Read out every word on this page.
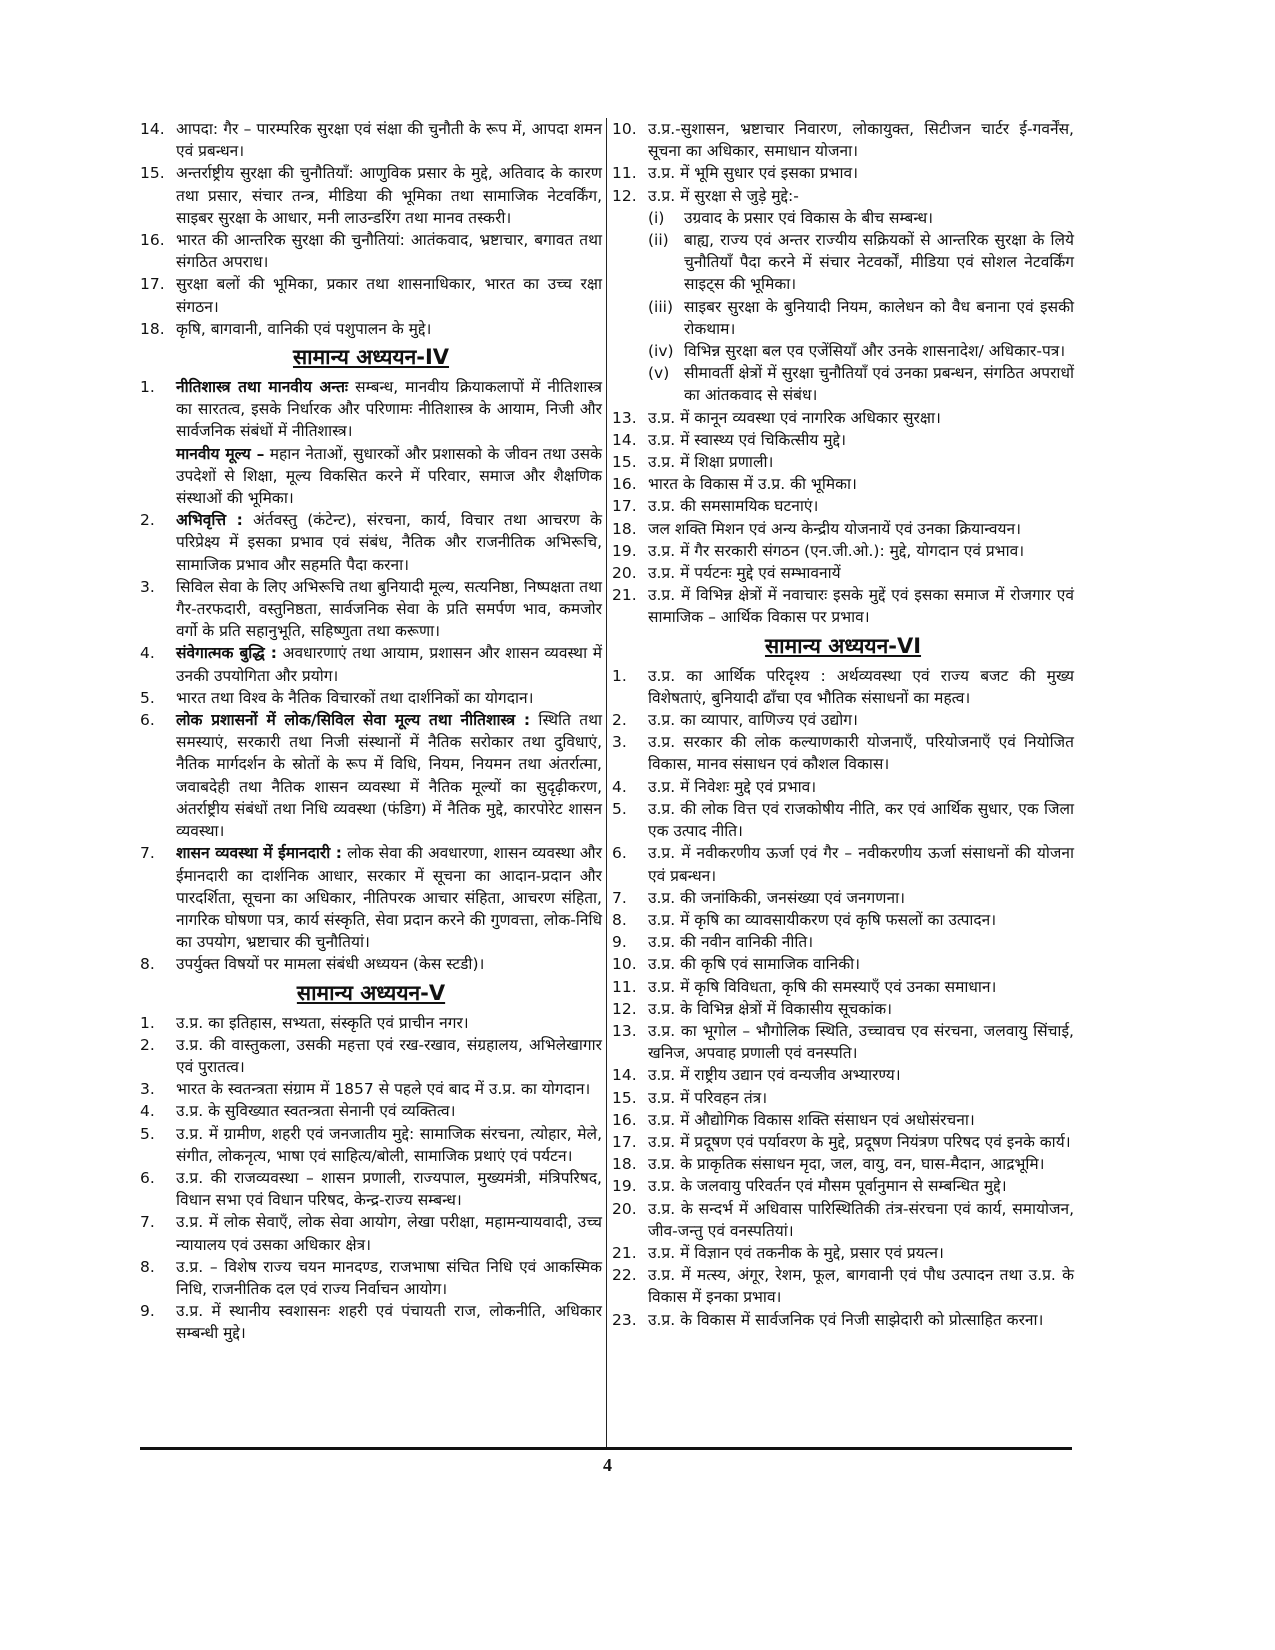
14. आपदा: गैर – पारम्परिक सुरक्षा एवं संक्षा की चुनौती के रूप में, आपदा शमन एवं प्रबन्धन।
15. अन्तर्राष्ट्रीय सुरक्षा की चुनौतियाँ: आणुविक प्रसार के मुद्दे, अतिवाद के कारण तथा प्रसार, संचार तन्त्र, मीडिया की भूमिका तथा सामाजिक नेटवर्किंग, साइबर सुरक्षा के आधार, मनी लाउन्डरिंग तथा मानव तस्करी।
16. भारत की आन्तरिक सुरक्षा की चुनौतियां: आतंकवाद, भ्रष्टाचार, बगावत तथा संगठित अपराध।
17. सुरक्षा बलों की भूमिका, प्रकार तथा शासनाधिकार, भारत का उच्च रक्षा संगठन।
18. कृषि, बागवानी, वानिकी एवं पशुपालन के मुद्दे।
सामान्य अध्ययन-IV
1.	नीतिशास्त्र तथा मानवीय अन्तः सम्बन्ध, मानवीय क्रियाकलापों में नीतिशास्त्र का सारतत्व, इसके निर्धारक और परिणामः नीतिशास्त्र के आयाम, निजी और सार्वजनिक संबंधों में नीतिशास्त्र।
मानवीय मूल्य – महान नेताओं, सुधारकों और प्रशासको के जीवन तथा उसके उपदेशों से शिक्षा, मूल्य विकसित करने में परिवार, समाज और शैक्षणिक संस्थाओं की भूमिका।
2.	अभिवृत्ति : अंर्तवस्तु (कंटेन्ट), संरचना, कार्य, विचार तथा आचरण के परिप्रेक्ष्य में इसका प्रभाव एवं संबंध, नैतिक और राजनीतिक अभिरूचि, सामाजिक प्रभाव और सहमति पैदा करना।
3.	सिविल सेवा के लिए अभिरूचि तथा बुनियादी मूल्य, सत्यनिष्ठा, निष्पक्षता तथा गैर-तरफदारी, वस्तुनिष्ठता, सार्वजनिक सेवा के प्रति समर्पण भाव, कमजोर वर्गो के प्रति सहानुभूति, सहिष्णुता तथा करूणा।
4.	संवेगात्मक बुद्धि : अवधारणाएं तथा आयाम, प्रशासन और शासन व्यवस्था में उनकी उपयोगिता और प्रयोग।
5.	भारत तथा विश्व के नैतिक विचारकों तथा दार्शनिकों का योगदान।
6.	लोक प्रशासनों में लोक/सिविल सेवा मूल्य तथा नीतिशास्त्र : स्थिति तथा समस्याएं, सरकारी तथा निजी संस्थानों में नैतिक सरोकार तथा दुविधाएं, नैतिक मार्गदर्शन के स्रोतों के रूप में विधि, नियम, नियमन तथा अंतर्रात्मा, जवाबदेही तथा नैतिक शासन व्यवस्था में नैतिक मूल्यों का सुदृढ़ीकरण, अंतर्राष्ट्रीय संबंधों तथा निधि व्यवस्था (फंडिग) में नैतिक मुद्दे, कारपोरेट शासन व्यवस्था।
7.	शासन व्यवस्था में ईमानदारी : लोक सेवा की अवधारणा, शासन व्यवस्था और ईमानदारी का दार्शनिक आधार, सरकार में सूचना का आदान-प्रदान और पारदर्शिता, सूचना का अधिकार, नीतिपरक आचार संहिता, आचरण संहिता, नागरिक घोषणा पत्र, कार्य संस्कृति, सेवा प्रदान करने की गुणवत्ता, लोक-निधि का उपयोग, भ्रष्टाचार की चुनौतियां।
8.	उपर्युक्त विषयों पर मामला संबंधी अध्ययन (केस स्टडी)।
सामान्य अध्ययन-V
1.	उ.प्र. का इतिहास, सभ्यता, संस्कृति एवं प्राचीन नगर।
2.	उ.प्र. की वास्तुकला, उसकी महत्ता एवं रख-रखाव, संग्रहालय, अभिलेखागार एवं पुरातत्व।
3.	भारत के स्वतन्त्रता संग्राम में 1857 से पहले एवं बाद में उ.प्र. का योगदान।
4.	उ.प्र. के सुविख्यात स्वतन्त्रता सेनानी एवं व्यक्तित्व।
5.	उ.प्र. में ग्रामीण, शहरी एवं जनजातीय मुद्दे: सामाजिक संरचना, त्योहार, मेले, संगीत, लोकनृत्य, भाषा एवं साहित्य/बोली, सामाजिक प्रथाएं एवं पर्यटन।
6.	उ.प्र. की राजव्यवस्था – शासन प्रणाली, राज्यपाल, मुख्यमंत्री, मंत्रिपरिषद, विधान सभा एवं विधान परिषद, केन्द्र-राज्य सम्बन्ध।
7.	उ.प्र. में लोक सेवाएँ, लोक सेवा आयोग, लेखा परीक्षा, महामन्यायवादी, उच्च न्यायालय एवं उसका अधिकार क्षेत्र।
8.	उ.प्र. – विशेष राज्य चयन मानदण्ड, राजभाषा संचित निधि एवं आकस्मिक निधि, राजनीतिक दल एवं राज्य निर्वाचन आयोग।
9.	उ.प्र. में स्थानीय स्वशासनः शहरी एवं पंचायती राज, लोकनीति, अधिकार सम्बन्धी मुद्दे।
10. उ.प्र.-सुशासन, भ्रष्टाचार निवारण, लोकायुक्त, सिटीजन चार्टर ई-गवर्नेंस, सूचना का अधिकार, समाधान योजना।
11. उ.प्र. में भूमि सुधार एवं इसका प्रभाव।
12. उ.प्र. में सुरक्षा से जुड़े मुद्दे:-
(i)	उग्रवाद के प्रसार एवं विकास के बीच सम्बन्ध।
(ii) बाह्य, राज्य एवं अन्तर राज्यीय सक्रियकों से आन्तरिक सुरक्षा के लिये चुनौतियाँ पैदा करने में संचार नेटवर्कों, मीडिया एवं सोशल नेटवर्किंग साइट्स की भूमिका।
(iii) साइबर सुरक्षा के बुनियादी नियम, कालेधन को वैध बनाना एवं इसकी रोकथाम।
(iv) विभिन्न सुरक्षा बल एव एजेंसियाँ और उनके शासनादेश/ अधिकार-पत्र।
(v) सीमावर्ती क्षेत्रों में सुरक्षा चुनौतियाँ एवं उनका प्रबन्धन, संगठित अपराधों का आंतकवाद से संबंध।
13. उ.प्र. में कानून व्यवस्था एवं नागरिक अधिकार सुरक्षा।
14. उ.प्र. में स्वास्थ्य एवं चिकित्सीय मुद्दे।
15. उ.प्र. में शिक्षा प्रणाली।
16. भारत के विकास में उ.प्र. की भूमिका।
17. उ.प्र. की समसामयिक घटनाएं।
18. जल शक्ति मिशन एवं अन्य केन्द्रीय योजनायें एवं उनका क्रियान्वयन।
19. उ.प्र. में गैर सरकारी संगठन (एन.जी.ओ.): मुद्दे, योगदान एवं प्रभाव।
20. उ.प्र. में पर्यटनः मुद्दे एवं सम्भावनायें
21. उ.प्र. में विभिन्न क्षेत्रों में नवाचारः इसके मुद्दें एवं इसका समाज में रोजगार एवं सामाजिक – आर्थिक विकास पर प्रभाव।
सामान्य अध्ययन-VI
1.	उ.प्र. का आर्थिक परिदृश्य : अर्थव्यवस्था एवं राज्य बजट की मुख्य विशेषताएं, बुनियादी ढाँचा एव भौतिक संसाधनों का महत्व।
2.	उ.प्र. का व्यापार, वाणिज्य एवं उद्योग।
3.	उ.प्र. सरकार की लोक कल्याणकारी योजनाएँ, परियोजनाएँ एवं नियोजित विकास, मानव संसाधन एवं कौशल विकास।
4.	उ.प्र. में निवेशः मुद्दे एवं प्रभाव।
5.	उ.प्र. की लोक वित्त एवं राजकोषीय नीति, कर एवं आर्थिक सुधार, एक जिला एक उत्पाद नीति।
6.	उ.प्र. में नवीकरणीय ऊर्जा एवं गैर – नवीकरणीय ऊर्जा संसाधनों की योजना एवं प्रबन्धन।
7.	उ.प्र. की जनांकिकी, जनसंख्या एवं जनगणना।
8.	उ.प्र. में कृषि का व्यावसायीकरण एवं कृषि फसलों का उत्पादन।
9.	उ.प्र. की नवीन वानिकी नीति।
10. उ.प्र. की कृषि एवं सामाजिक वानिकी।
11. उ.प्र. में कृषि विविधता, कृषि की समस्याएँ एवं उनका समाधान।
12. उ.प्र. के विभिन्न क्षेत्रों में विकासीय सूचकांक।
13. उ.प्र. का भूगोल – भौगोलिक स्थिति, उच्चावच एव संरचना, जलवायु सिंचाई, खनिज, अपवाह प्रणाली एवं वनस्पति।
14. उ.प्र. में राष्ट्रीय उद्यान एवं वन्यजीव अभ्यारण्य।
15. उ.प्र. में परिवहन तंत्र।
16. उ.प्र. में औद्योगिक विकास शक्ति संसाधन एवं अधोसंरचना।
17. उ.प्र. में प्रदूषण एवं पर्यावरण के मुद्दे, प्रदूषण नियंत्रण परिषद एवं इनके कार्य।
18. उ.प्र. के प्राकृतिक संसाधन मृदा, जल, वायु, वन, घास-मैदान, आद्रभूमि।
19. उ.प्र. के जलवायु परिवर्तन एवं मौसम पूर्वानुमान से सम्बन्धित मुद्दे।
20. उ.प्र. के सन्दर्भ में अधिवास पारिस्थितिकी तंत्र-संरचना एवं कार्य, समायोजन, जीव-जन्तु एवं वनस्पतियां।
21. उ.प्र. में विज्ञान एवं तकनीक के मुद्दे, प्रसार एवं प्रयत्न।
22. उ.प्र. में मत्स्य, अंगूर, रेशम, फूल, बागवानी एवं पौध उत्पादन तथा उ.प्र. के विकास में इनका प्रभाव।
23. उ.प्र. के विकास में सार्वजनिक एवं निजी साझेदारी को प्रोत्साहित करना।
4
